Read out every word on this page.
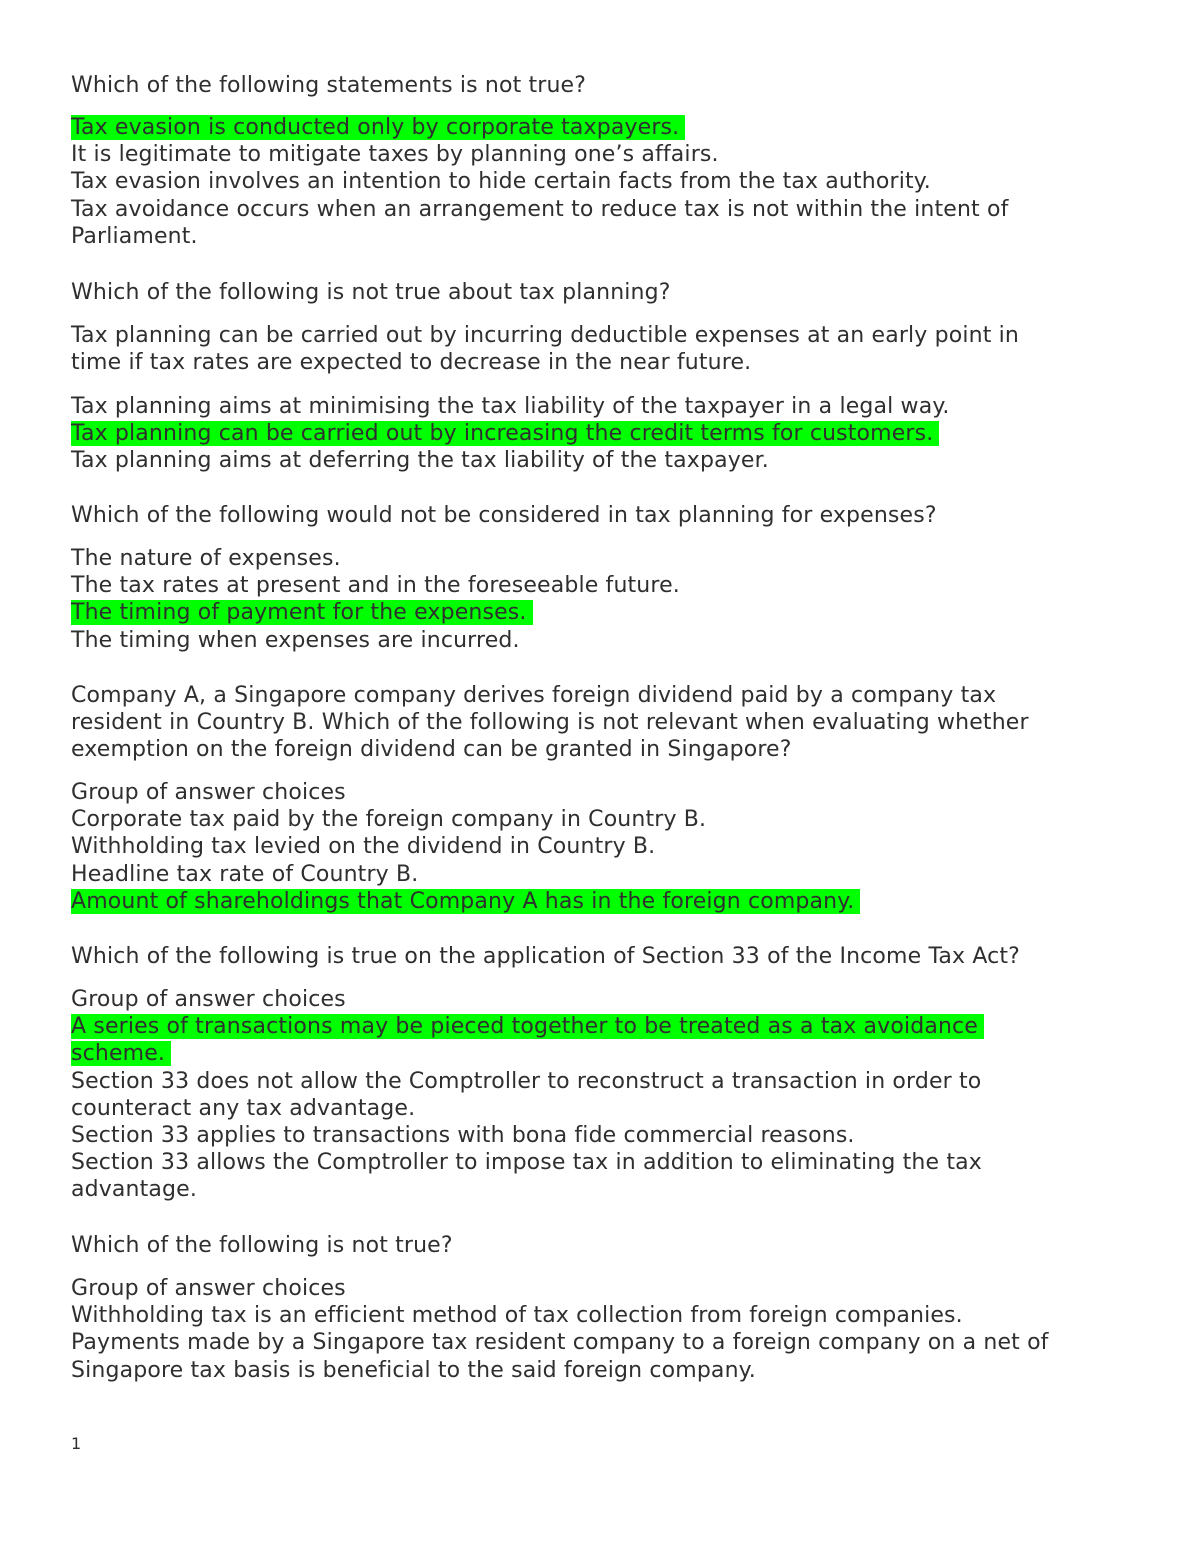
Which of the following statements is not true?
Tax evasion is conducted only by corporate taxpayers.
It is legitimate to mitigate taxes by planning one’s affairs.
Tax evasion involves an intention to hide certain facts from the tax authority.
Tax avoidance occurs when an arrangement to reduce tax is not within the intent of
Parliament.
Which of the following is not true about tax planning?
Tax planning can be carried out by incurring deductible expenses at an early point in
time if tax rates are expected to decrease in the near future.
Tax planning aims at minimising the tax liability of the taxpayer in a legal way.
Tax planning can be carried out by increasing the credit terms for customers.
Tax planning aims at deferring the tax liability of the taxpayer.
Which of the following would not be considered in tax planning for expenses?
The nature of expenses.
The tax rates at present and in the foreseeable future.
The timing of payment for the expenses.
The timing when expenses are incurred.
Company A, a Singapore company derives foreign dividend paid by a company tax
resident in Country B. Which of the following is not relevant when evaluating whether
exemption on the foreign dividend can be granted in Singapore?
Group of answer choices
Corporate tax paid by the foreign company in Country B.
Withholding tax levied on the dividend in Country B.
Headline tax rate of Country B.
Amount of shareholdings that Company A has in the foreign company.
Which of the following is true on the application of Section 33 of the Income Tax Act?
Group of answer choices
A series of transactions may be pieced together to be treated as a tax avoidance
scheme.
Section 33 does not allow the Comptroller to reconstruct a transaction in order to
counteract any tax advantage.
Section 33 applies to transactions with bona fide commercial reasons.
Section 33 allows the Comptroller to impose tax in addition to eliminating the tax
advantage.
Which of the following is not true?
Group of answer choices
Withholding tax is an efficient method of tax collection from foreign companies.
Payments made by a Singapore tax resident company to a foreign company on a net of
Singapore tax basis is beneficial to the said foreign company.
1
